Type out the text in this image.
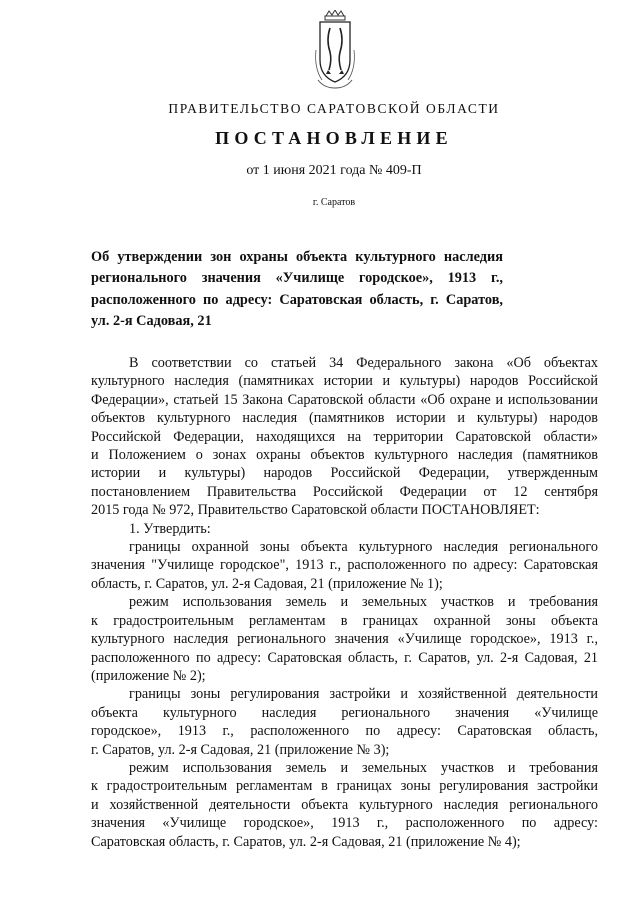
ПРАВИТЕЛЬСТВО САРАТОВСКОЙ ОБЛАСТИ
ПОСТАНОВЛЕНИЕ
от 1 июня 2021 года № 409-П
г. Саратов
Об утверждении зон охраны объекта культурного наследия
регионального значения «Училище городское», 1913 г.,
расположенного по адресу: Саратовская область, г. Саратов,
ул. 2-я Садовая, 21
В соответствии со статьей 34 Федерального закона «Об объектах
культурного наследия (памятниках истории и культуры) народов Российской
Федерации», статьей 15 Закона Саратовской области «Об охране и использовании
объектов культурного наследия (памятников истории и культуры) народов
Российской Федерации, находящихся на территории Саратовской области»
и Положением о зонах охраны объектов культурного наследия (памятников
истории и культуры) народов Российской Федерации, утвержденным
постановлением Правительства Российской Федерации от 12 сентября
2015 года № 972, Правительство Саратовской области ПОСТАНОВЛЯЕТ:
1. Утвердить:
границы охранной зоны объекта культурного наследия регионального
значения "Училище городское", 1913 г., расположенного по адресу: Саратовская
область, г. Саратов, ул. 2-я Садовая, 21 (приложение № 1);
режим использования земель и земельных участков и требования
к градостроительным регламентам в границах охранной зоны объекта
культурного наследия регионального значения «Училище городское», 1913 г.,
расположенного по адресу: Саратовская область, г. Саратов, ул. 2-я Садовая, 21
(приложение № 2);
границы зоны регулирования застройки и хозяйственной деятельности
объекта культурного наследия регионального значения «Училище
городское», 1913 г., расположенного по адресу: Саратовская область,
г. Саратов, ул. 2-я Садовая, 21 (приложение № 3);
режим использования земель и земельных участков и требования
к градостроительным регламентам в границах зоны регулирования застройки
и хозяйственной деятельности объекта культурного наследия регионального
значения «Училище городское», 1913 г., расположенного по адресу:
Саратовская область, г. Саратов, ул. 2-я Садовая, 21 (приложение № 4);
